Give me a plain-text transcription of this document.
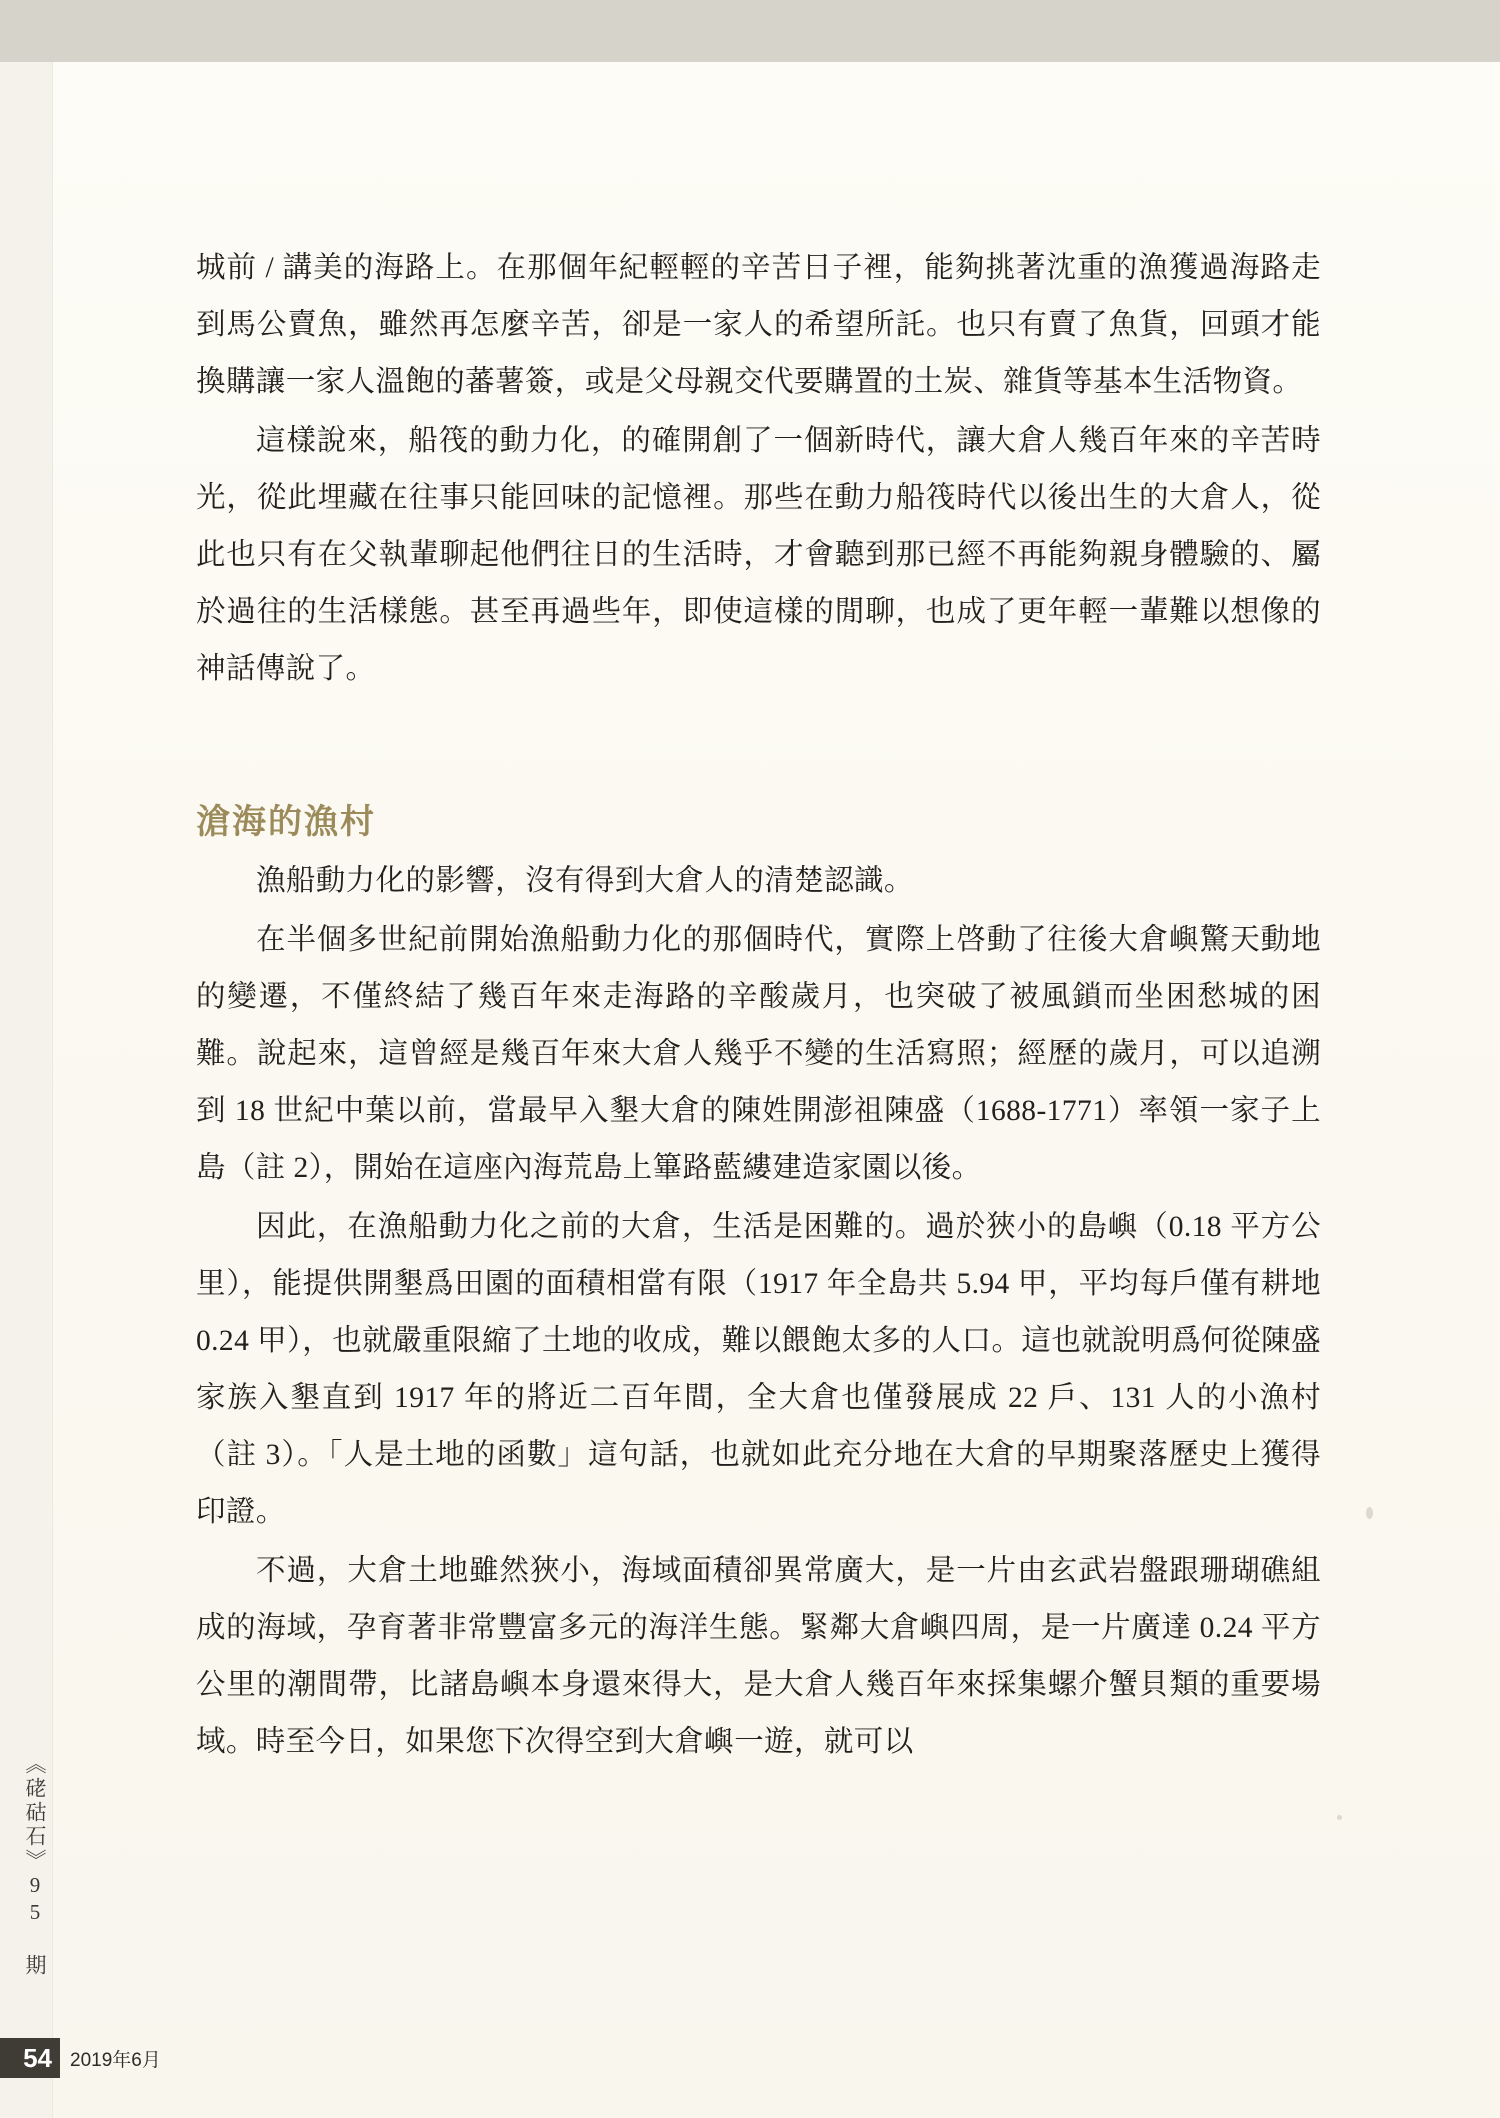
城前 / 講美的海路上。在那個年紀輕輕的辛苦日子裡，能夠挑著沈重的漁獲過海路走到馬公賣魚，雖然再怎麼辛苦，卻是一家人的希望所託。也只有賣了魚貨，回頭才能換購讓一家人溫飽的蕃薯簽，或是父母親交代要購置的土炭、雜貨等基本生活物資。

這樣說來，船筏的動力化，的確開創了一個新時代，讓大倉人幾百年來的辛苦時光，從此埋藏在往事只能回味的記憶裡。那些在動力船筏時代以後出生的大倉人，從此也只有在父執輩聊起他們往日的生活時，才會聽到那已經不再能夠親身體驗的、屬於過往的生活樣態。甚至再過些年，即使這樣的閒聊，也成了更年輕一輩難以想像的神話傳說了。

滄海的漁村

漁船動力化的影響，沒有得到大倉人的清楚認識。

在半個多世紀前開始漁船動力化的那個時代，實際上啓動了往後大倉嶼驚天動地的變遷，不僅終結了幾百年來走海路的辛酸歲月，也突破了被風鎖而坐困愁城的困難。說起來，這曾經是幾百年來大倉人幾乎不變的生活寫照；經歷的歲月，可以追溯到 18 世紀中葉以前，當最早入墾大倉的陳姓開澎祖陳盛（1688-1771）率領一家子上島（註 2），開始在這座內海荒島上篳路藍縷建造家園以後。

因此，在漁船動力化之前的大倉，生活是困難的。過於狹小的島嶼（0.18 平方公里），能提供開墾爲田園的面積相當有限（1917 年全島共 5.94 甲，平均每戶僅有耕地 0.24 甲），也就嚴重限縮了土地的收成，難以餵飽太多的人口。這也就說明爲何從陳盛家族入墾直到 1917 年的將近二百年間，全大倉也僅發展成 22 戶、131 人的小漁村（註 3）。「人是土地的函數」這句話，也就如此充分地在大倉的早期聚落歷史上獲得印證。

不過，大倉土地雖然狹小，海域面積卻異常廣大，是一片由玄武岩盤跟珊瑚礁組成的海域，孕育著非常豐富多元的海洋生態。緊鄰大倉嶼四周，是一片廣達 0.24 平方公里的潮間帶，比諸島嶼本身還來得大，是大倉人幾百年來採集螺介蟹貝類的重要場域。時至今日，如果您下次得空到大倉嶼一遊，就可以

《硓𥑮石》95 期
54 2019年6月
